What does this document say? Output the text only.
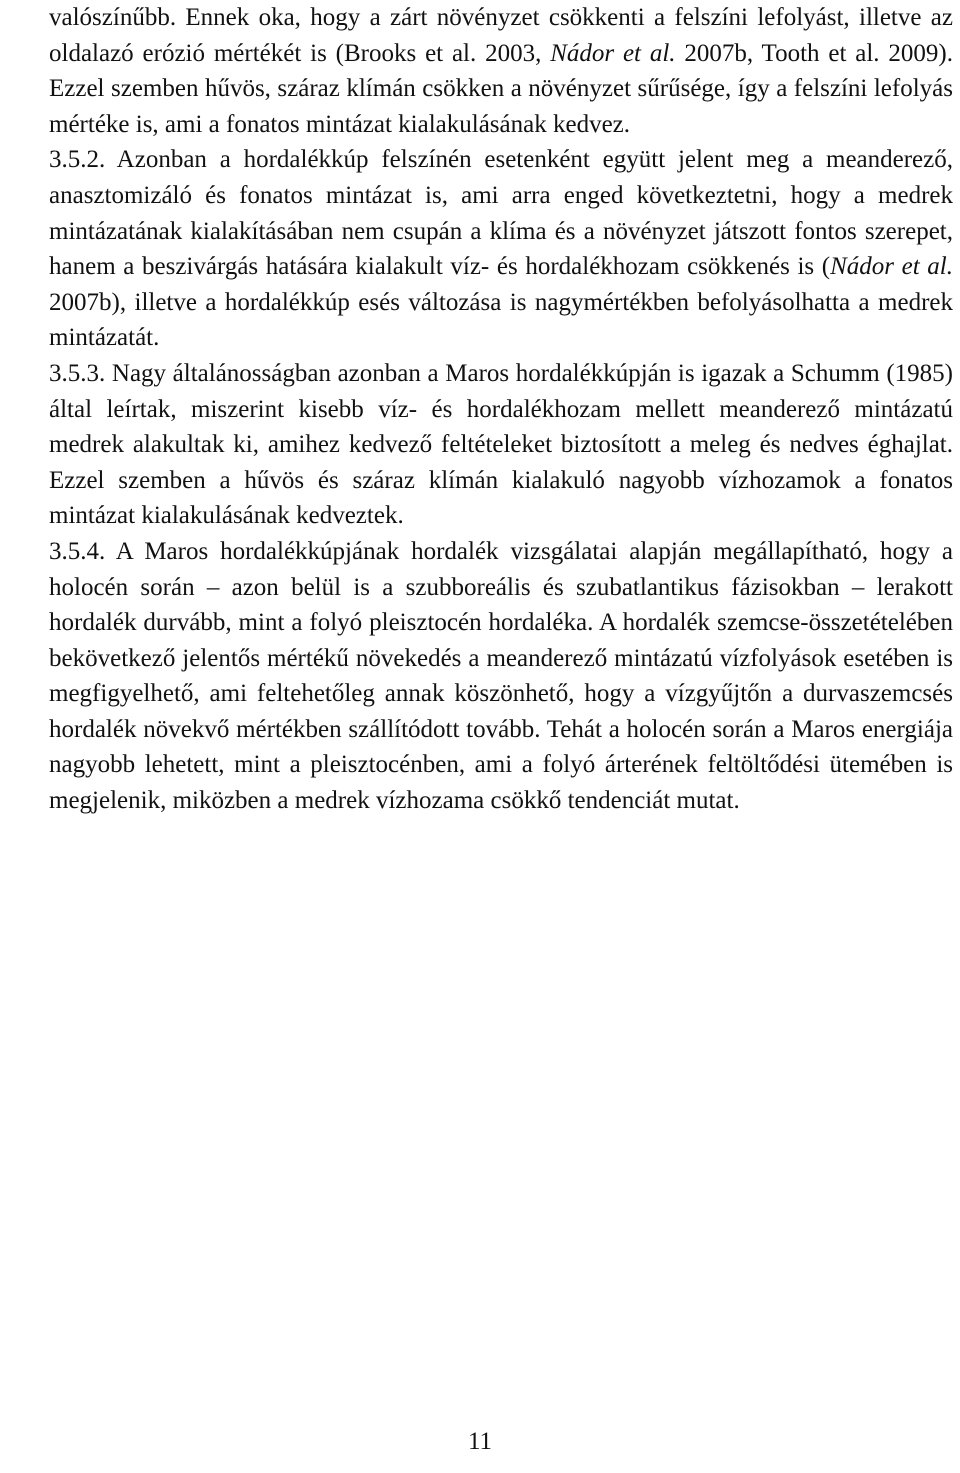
valószínűbb. Ennek oka, hogy a zárt növényzet csökkenti a felszíni lefolyást, illetve az oldalazó erózió mértékét is (Brooks et al. 2003, Nádor et al. 2007b, Tooth et al. 2009). Ezzel szemben hűvös, száraz klímán csökken a növényzet sűrűsége, így a felszíni lefolyás mértéke is, ami a fonatos mintázat kialakulásának kedvez.

3.5.2. Azonban a hordalékkúp felszínén esetenként együtt jelent meg a meanderező, anasztomizáló és fonatos mintázat is, ami arra enged következtetni, hogy a medrek mintázatának kialakításában nem csupán a klíma és a növényzet játszott fontos szerepet, hanem a beszivárgás hatására kialakult víz- és hordalékhozam csökkenés is (Nádor et al. 2007b), illetve a hordalékkúp esés változása is nagymértékben befolyásolhatta a medrek mintázatát.

3.5.3. Nagy általánosságban azonban a Maros hordalékkúpján is igazak a Schumm (1985) által leírtak, miszerint kisebb víz- és hordalékhozam mellett meanderező mintázatú medrek alakultak ki, amihez kedvező feltételeket biztosított a meleg és nedves éghajlat. Ezzel szemben a hűvös és száraz klímán kialakuló nagyobb vízhozamok a fonatos mintázat kialakulásának kedveztek.

3.5.4. A Maros hordalékkúpjának hordalék vizsgálatai alapján megállapítható, hogy a holocén során – azon belül is a szubboreális és szubatlantikus fázisokban – lerakott hordalék durvább, mint a folyó pleisztocén hordaléka. A hordalék szemcse-összetételében bekövetkező jelentős mértékű növekedés a meanderező mintázatú vízfolyások esetében is megfigyelhető, ami feltehetőleg annak köszönhető, hogy a vízgyűjtőn a durvaszemcsés hordalék növekvő mértékben szállítódott tovább. Tehát a holocén során a Maros energiája nagyobb lehetett, mint a pleisztocénben, ami a folyó árterének feltöltődési ütemében is megjelenik, miközben a medrek vízhozama csökkő tendenciát mutat.

11
